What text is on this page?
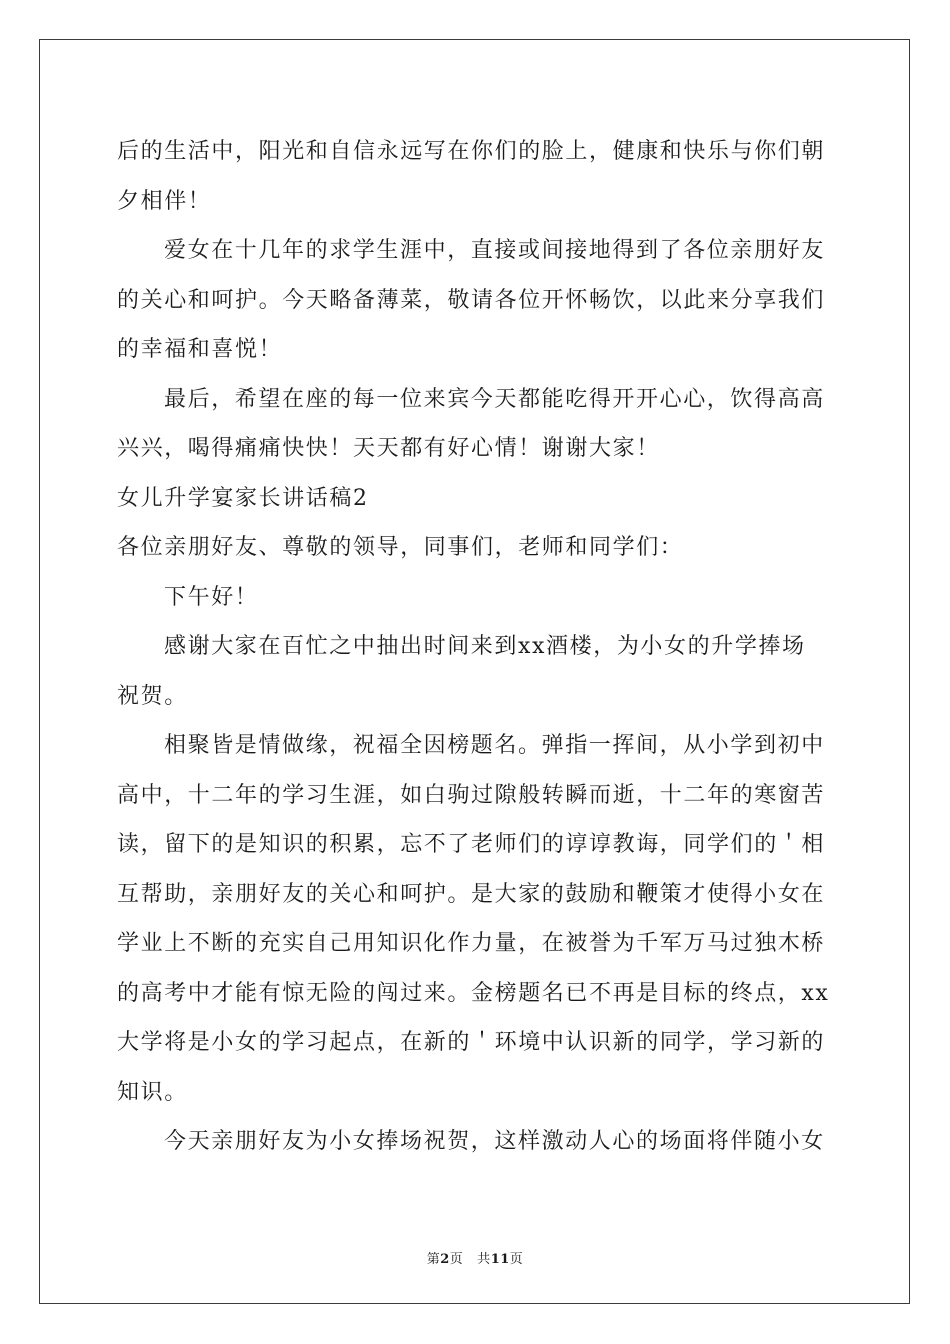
后的生活中，阳光和自信永远写在你们的脸上，健康和快乐与你们朝
夕相伴！
爱女在十几年的求学生涯中，直接或间接地得到了各位亲朋好友
的关心和呵护。今天略备薄菜，敬请各位开怀畅饮，以此来分享我们
的幸福和喜悦！
最后，希望在座的每一位来宾今天都能吃得开开心心，饮得高高
兴兴，喝得痛痛快快！天天都有好心情！谢谢大家！
女儿升学宴家长讲话稿2
各位亲朋好友、尊敬的领导，同事们，老师和同学们：
下午好！
感谢大家在百忙之中抽出时间来到xx酒楼，为小女的升学捧场
祝贺。
相聚皆是情做缘，祝福全因榜题名。弹指一挥间，从小学到初中
高中，十二年的学习生涯，如白驹过隙般转瞬而逝，十二年的寒窗苦
读，留下的是知识的积累，忘不了老师们的谆谆教诲，同学们的＇相
互帮助，亲朋好友的关心和呵护。是大家的鼓励和鞭策才使得小女在
学业上不断的充实自己用知识化作力量，在被誉为千军万马过独木桥
的高考中才能有惊无险的闯过来。金榜题名已不再是目标的终点，xx
大学将是小女的学习起点，在新的＇环境中认识新的同学，学习新的
知识。
今天亲朋好友为小女捧场祝贺，这样激动人心的场面将伴随小女
第2页 共11页
